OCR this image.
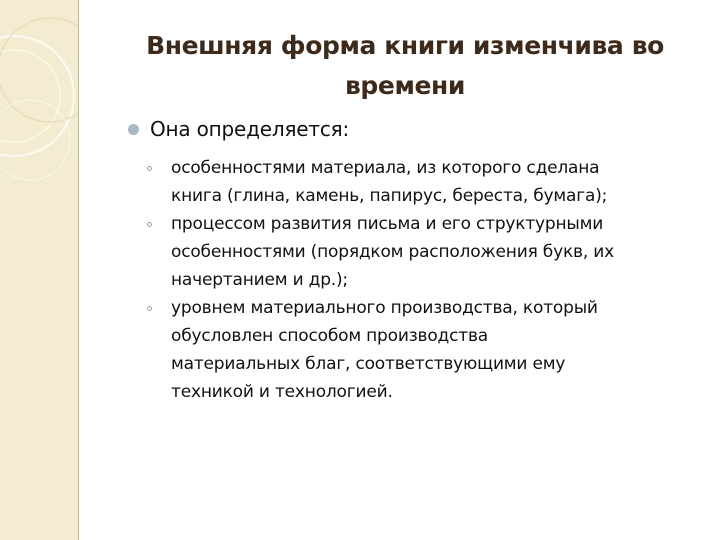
Внешняя форма книги изменчива во
времени
Она определяется:
особенностями материала, из которого сделана
книга (глина, камень, папирус, береста, бумага);
процессом развития письма и его структурными
особенностями (порядком расположения букв, их
начертанием и др.);
уровнем материального производства, который
обусловлен способом производства
материальных благ, соответствующими ему
техникой и технологией.
